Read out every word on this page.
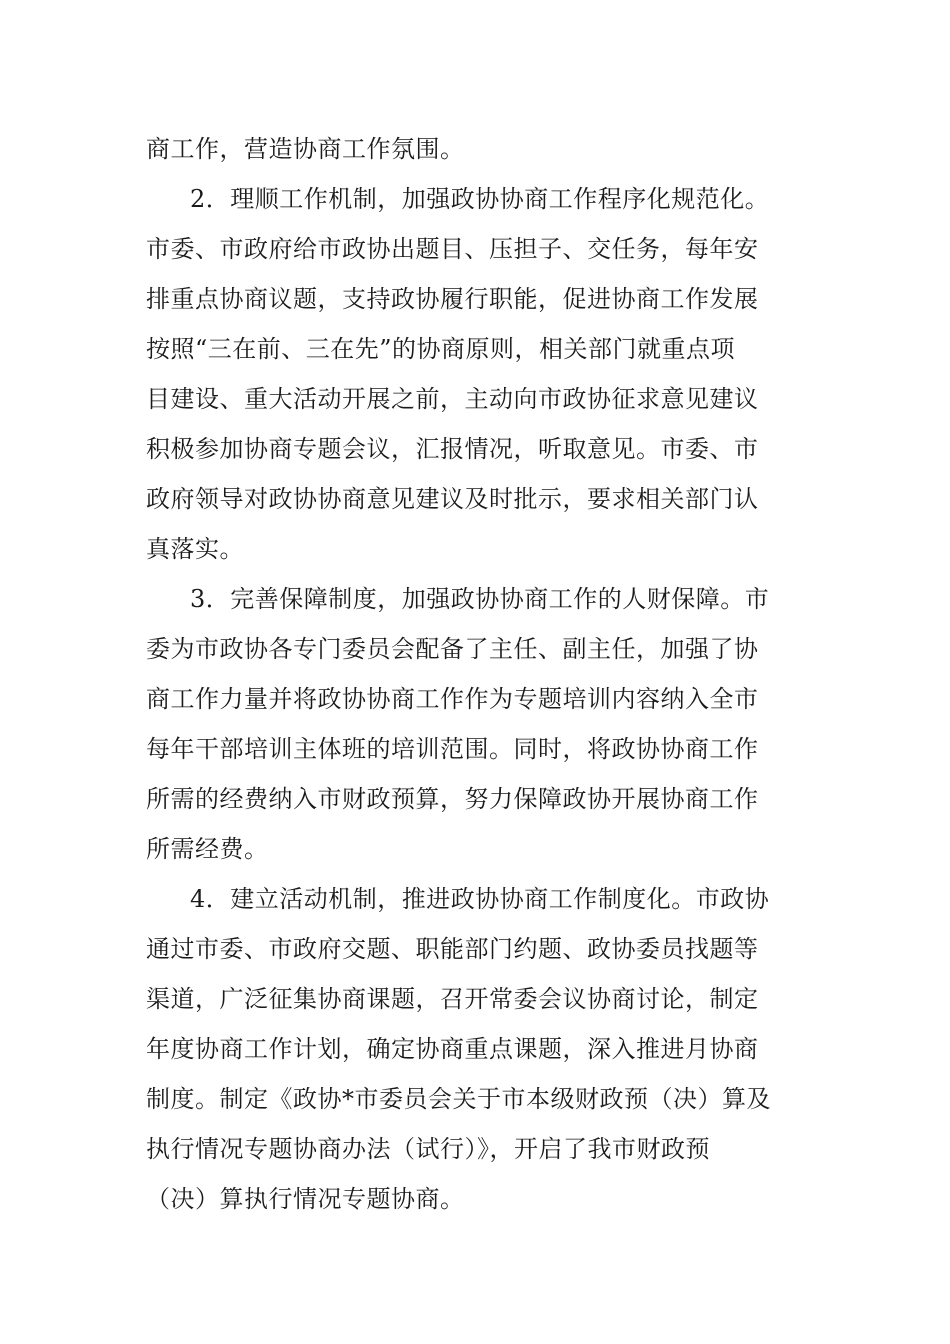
商工作，营造协商工作氛围。
2．理顺工作机制，加强政协协商工作程序化规范化。
市委、市政府给市政协出题目、压担子、交任务，每年安
排重点协商议题，支持政协履行职能，促进协商工作发展
按照“三在前、三在先”的协商原则，相关部门就重点项
目建设、重大活动开展之前，主动向市政协征求意见建议
积极参加协商专题会议，汇报情况，听取意见。市委、市
政府领导对政协协商意见建议及时批示，要求相关部门认
真落实。
3．完善保障制度，加强政协协商工作的人财保障。市
委为市政协各专门委员会配备了主任、副主任，加强了协
商工作力量并将政协协商工作作为专题培训内容纳入全市
每年干部培训主体班的培训范围。同时，将政协协商工作
所需的经费纳入市财政预算，努力保障政协开展协商工作
所需经费。
4．建立活动机制，推进政协协商工作制度化。市政协
通过市委、市政府交题、职能部门约题、政协委员找题等
渠道，广泛征集协商课题，召开常委会议协商讨论，制定
年度协商工作计划，确定协商重点课题，深入推进月协商
制度。制定《政协*市委员会关于市本级财政预（决）算及
执行情况专题协商办法（试行）》，开启了我市财政预
（决）算执行情况专题协商。
